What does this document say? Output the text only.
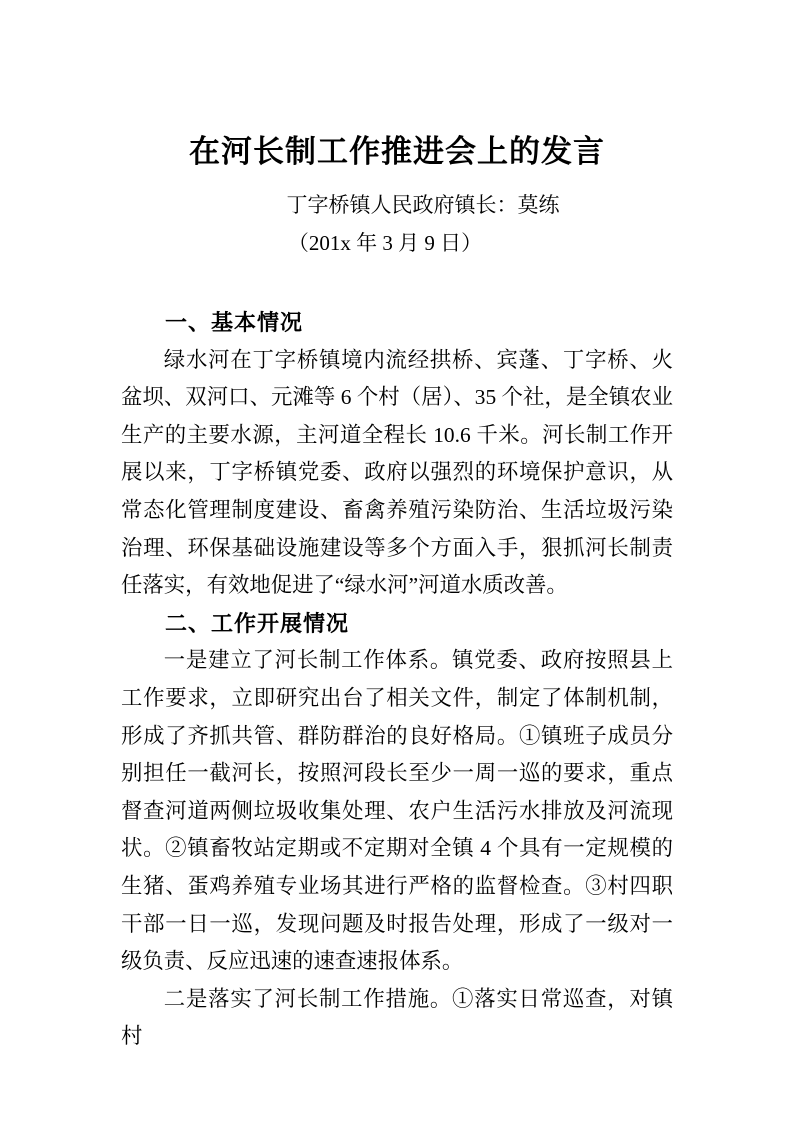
在河长制工作推进会上的发言
丁字桥镇人民政府镇长：莫练
（201x 年 3 月 9 日）
一、基本情况

绿水河在丁字桥镇境内流经拱桥、宾蓬、丁字桥、火盆坝、双河口、元滩等 6 个村（居）、35 个社，是全镇农业生产的主要水源，主河道全程长 10.6 千米。河长制工作开展以来，丁字桥镇党委、政府以强烈的环境保护意识，从常态化管理制度建设、畜禽养殖污染防治、生活垃圾污染治理、环保基础设施建设等多个方面入手，狠抓河长制责任落实，有效地促进了“绿水河”河道水质改善。

二、工作开展情况

一是建立了河长制工作体系。镇党委、政府按照县上工作要求，立即研究出台了相关文件，制定了体制机制，形成了齐抓共管、群防群治的良好格局。①镇班子成员分别担任一截河长，按照河段长至少一周一巡的要求，重点督查河道两侧垃圾收集处理、农户生活污水排放及河流现状。②镇畜牧站定期或不定期对全镇 4 个具有一定规模的生猪、蛋鸡养殖专业场其进行严格的监督检查。③村四职干部一日一巡，发现问题及时报告处理，形成了一级对一级负责、反应迅速的速查速报体系。

二是落实了河长制工作措施。①落实日常巡查，对镇村
